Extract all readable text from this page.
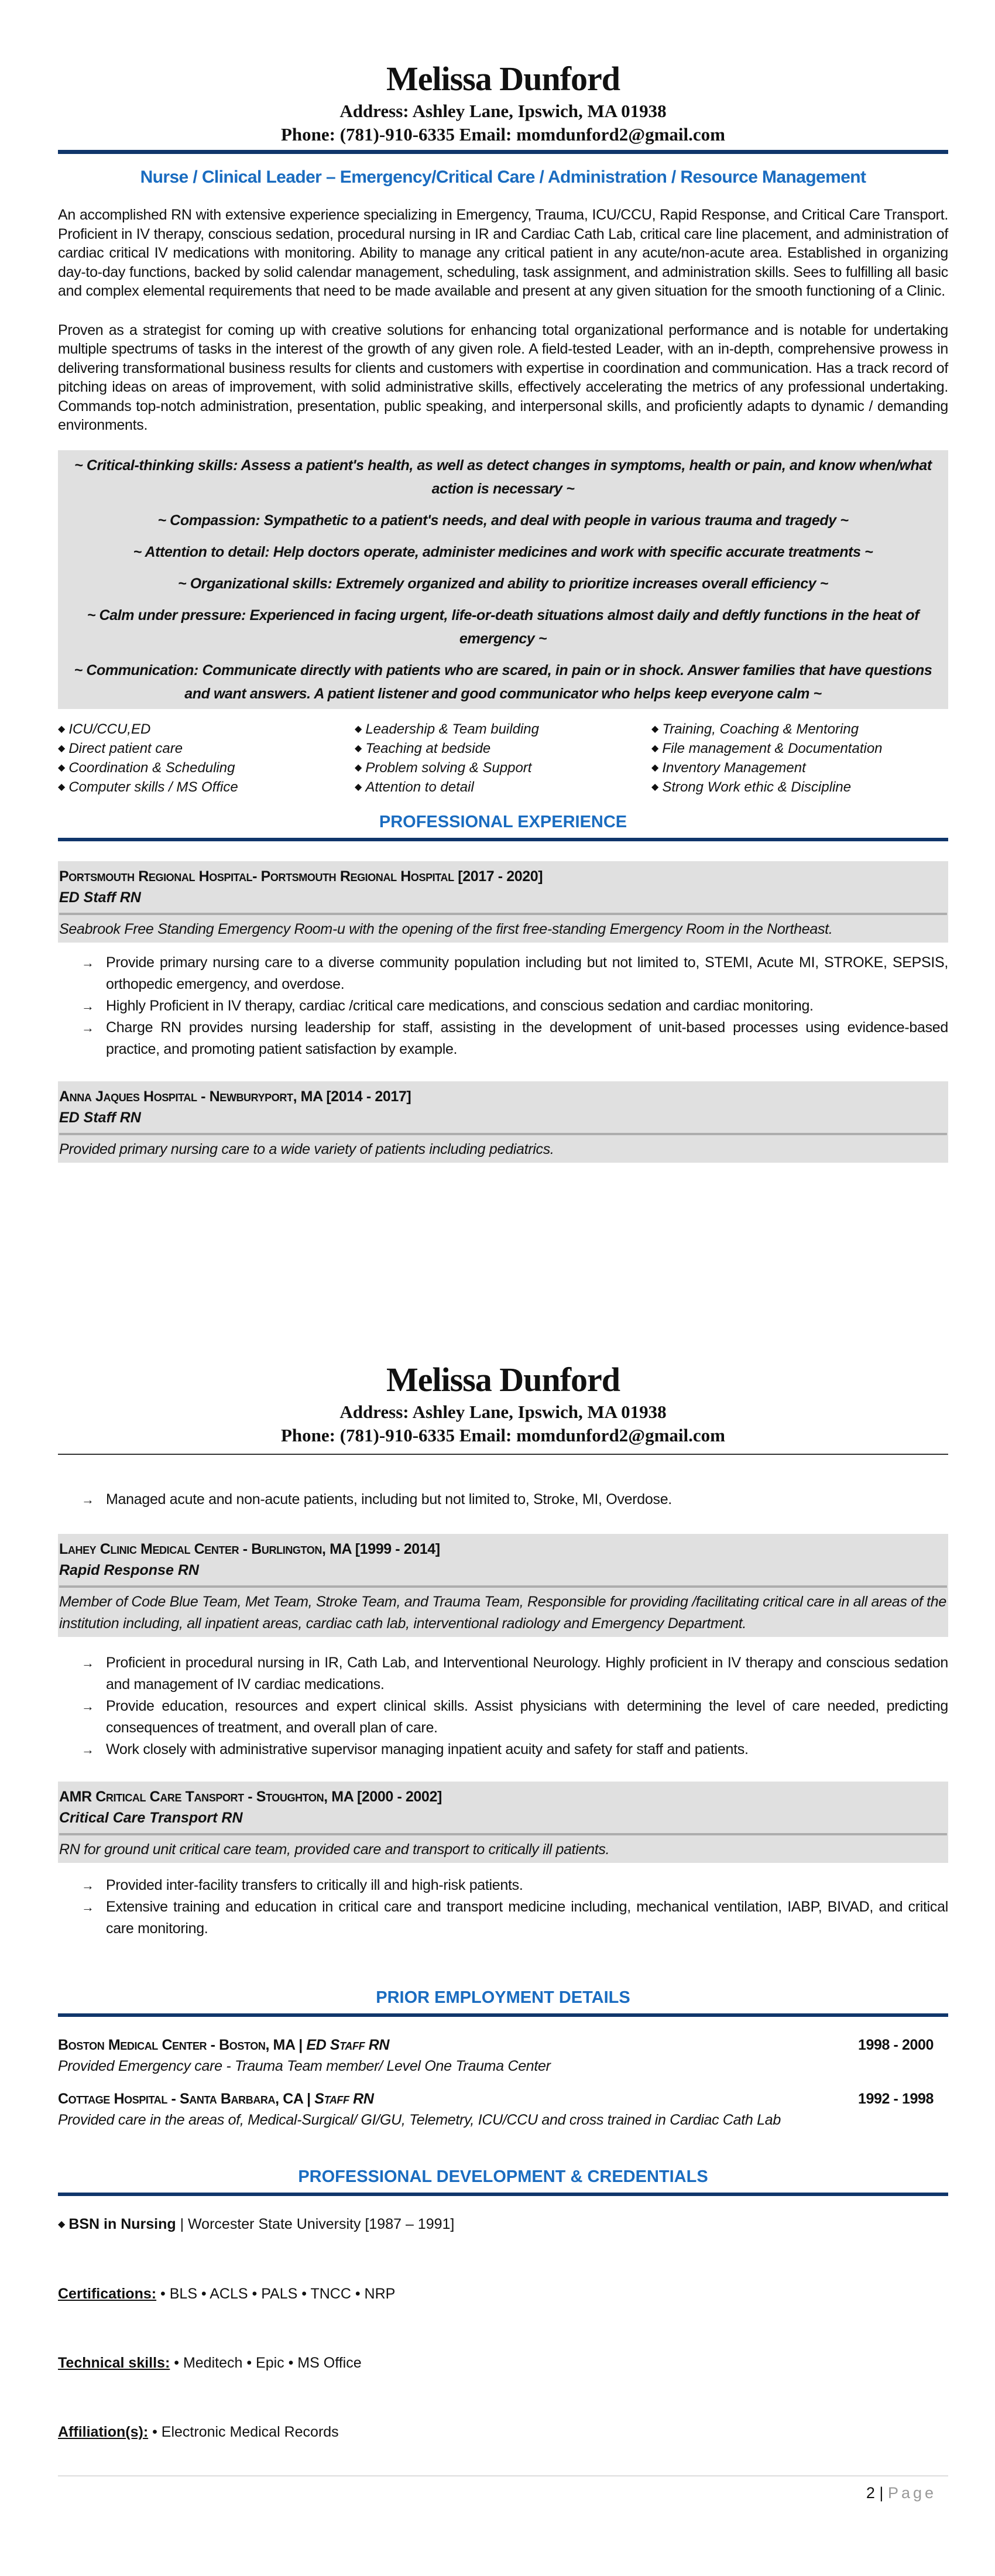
Melissa Dunford
Address: Ashley Lane, Ipswich, MA 01938
Phone: (781)-910-6335 Email: momdunford2@gmail.com
Nurse / Clinical Leader – Emergency/Critical Care / Administration / Resource Management

An accomplished RN with extensive experience specializing in Emergency, Trauma, ICU/CCU, Rapid Response, and Critical Care Transport. Proficient in IV therapy, conscious sedation, procedural nursing in IR and Cardiac Cath Lab, critical care line placement, and administration of cardiac critical IV medications with monitoring. Ability to manage any critical patient in any acute/non-acute area. Established in organizing day-to-day functions, backed by solid calendar management, scheduling, task assignment, and administration skills. Sees to fulfilling all basic and complex elemental requirements that need to be made available and present at any given situation for the smooth functioning of a Clinic.

Proven as a strategist for coming up with creative solutions for enhancing total organizational performance and is notable for undertaking multiple spectrums of tasks in the interest of the growth of any given role. A field-tested Leader, with an in-depth, comprehensive prowess in delivering transformational business results for clients and customers with expertise in coordination and communication. Has a track record of pitching ideas on areas of improvement, with solid administrative skills, effectively accelerating the metrics of any professional undertaking. Commands top-notch administration, presentation, public speaking, and interpersonal skills, and proficiently adapts to dynamic / demanding environments.

~ Critical-thinking skills: Assess a patient's health, as well as detect changes in symptoms, health or pain, and know when/what action is necessary ~

~ Compassion: Sympathetic to a patient's needs, and deal with people in various trauma and tragedy ~

~ Attention to detail: Help doctors operate, administer medicines and work with specific accurate treatments ~

~ Organizational skills: Extremely organized and ability to prioritize increases overall efficiency ~

~ Calm under pressure: Experienced in facing urgent, life-or-death situations almost daily and deftly functions in the heat of emergency ~

~ Communication: Communicate directly with patients who are scared, in pain or in shock. Answer families that have questions and want answers. A patient listener and good communicator who helps keep everyone calm ~

◆ ICU/CCU,ED
◆ Direct patient care
◆ Coordination & Scheduling
◆ Computer skills / MS Office
◆ Leadership & Team building
◆ Teaching at bedside
◆ Problem solving & Support
◆ Attention to detail
◆ Training, Coaching & Mentoring
◆ File management & Documentation
◆ Inventory Management
◆ Strong Work ethic & Discipline
PROFESSIONAL EXPERIENCE
Portsmouth Regional Hospital- Portsmouth Regional Hospital [2017 - 2020]
ED Staff RN
Seabrook Free Standing Emergency Room-u with the opening of the first free-standing Emergency Room in the Northeast.
→ Provide primary nursing care to a diverse community population including but not limited to, STEMI, Acute MI, STROKE, SEPSIS, orthopedic emergency, and overdose.
→ Highly Proficient in IV therapy, cardiac /critical care medications, and conscious sedation and cardiac monitoring.
→ Charge RN provides nursing leadership for staff, assisting in the development of unit-based processes using evidence-based practice, and promoting patient satisfaction by example.
Anna Jaques Hospital - Newburyport, MA [2014 - 2017]
ED Staff RN
Provided primary nursing care to a wide variety of patients including pediatrics.
Melissa Dunford
Address: Ashley Lane, Ipswich, MA 01938
Phone: (781)-910-6335 Email: momdunford2@gmail.com
→ Managed acute and non-acute patients, including but not limited to, Stroke, MI, Overdose.
Lahey Clinic Medical Center - Burlington, MA [1999 - 2014]
Rapid Response RN
Member of Code Blue Team, Met Team, Stroke Team, and Trauma Team, Responsible for providing /facilitating critical care in all areas of the institution including, all inpatient areas, cardiac cath lab, interventional radiology and Emergency Department.
→ Proficient in procedural nursing in IR, Cath Lab, and Interventional Neurology. Highly proficient in IV therapy and conscious sedation and management of IV cardiac medications.
→ Provide education, resources and expert clinical skills. Assist physicians with determining the level of care needed, predicting consequences of treatment, and overall plan of care.
→ Work closely with administrative supervisor managing inpatient acuity and safety for staff and patients.
AMR Critical Care Tansport - Stoughton, MA [2000 - 2002]
Critical Care Transport RN
RN for ground unit critical care team, provided care and transport to critically ill patients.
→ Provided inter-facility transfers to critically ill and high-risk patients.
→ Extensive training and education in critical care and transport medicine including, mechanical ventilation, IABP, BIVAD, and critical care monitoring.
PRIOR EMPLOYMENT DETAILS
Boston Medical Center - Boston, MA | ED Staff RN	1998 - 2000
Provided Emergency care - Trauma Team member/ Level One Trauma Center
Cottage Hospital - Santa Barbara, CA | Staff RN	1992 - 1998
Provided care in the areas of, Medical-Surgical/ GI/GU, Telemetry, ICU/CCU and cross trained in Cardiac Cath Lab
PROFESSIONAL DEVELOPMENT & CREDENTIALS
◆ BSN in Nursing | Worcester State University [1987 – 1991]
Certifications: • BLS • ACLS • PALS • TNCC • NRP
Technical skills: • Meditech • Epic • MS Office
Affiliation(s): • Electronic Medical Records
2 | Page
